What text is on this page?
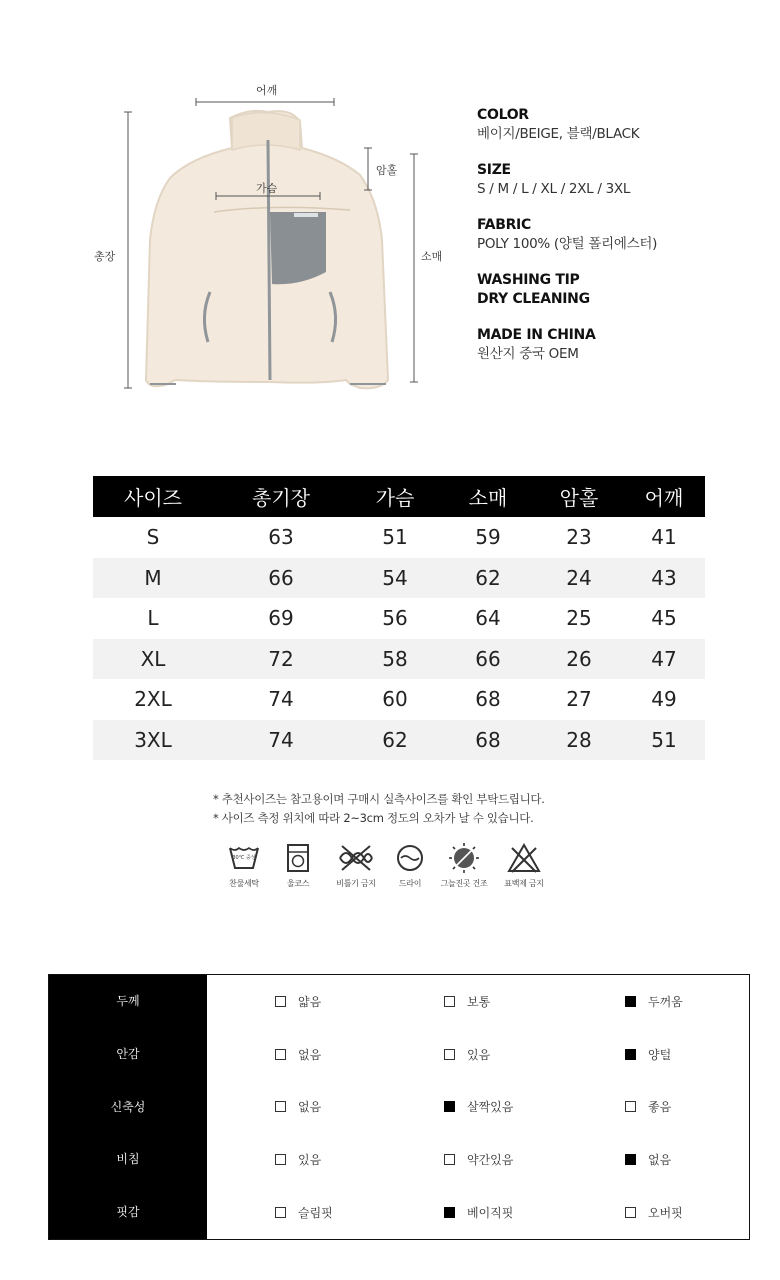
어깨
가슴
암홀
총장	소매
COLOR
베이지/BEIGE, 블랙/BLACK
SIZE
S / M / L / XL / 2XL / 3XL
FABRIC
POLY 100% (양털 폴리에스터)
WASHING TIP
DRY CLEANING
MADE IN CHINA
원산지 중국 OEM
사이즈	총기장	가슴	소매	암홀	어깨
S	63	51	59	23	41
M	66	54	62	24	43
L	69	56	64	25	45
XL	72	58	66	26	47
2XL	74	60	68	27	49
3XL	74	62	68	28	51
* 추천사이즈는 참고용이며 구매시 실측사이즈를 확인 부탁드립니다.
* 사이즈 측정 위치에 따라 2~3cm 정도의 오차가 날 수 있습니다.
30℃ 중성
찬물세탁	울코스	비틀기 금지	드라이	그늘진곳 건조	표백제 금지
두께	얇음	보통	두꺼움
안감	없음	있음	양털
신축성	없음	살짝있음	좋음
비침	있음	약간있음	없음
핏감	슬림핏	베이직핏	오버핏
